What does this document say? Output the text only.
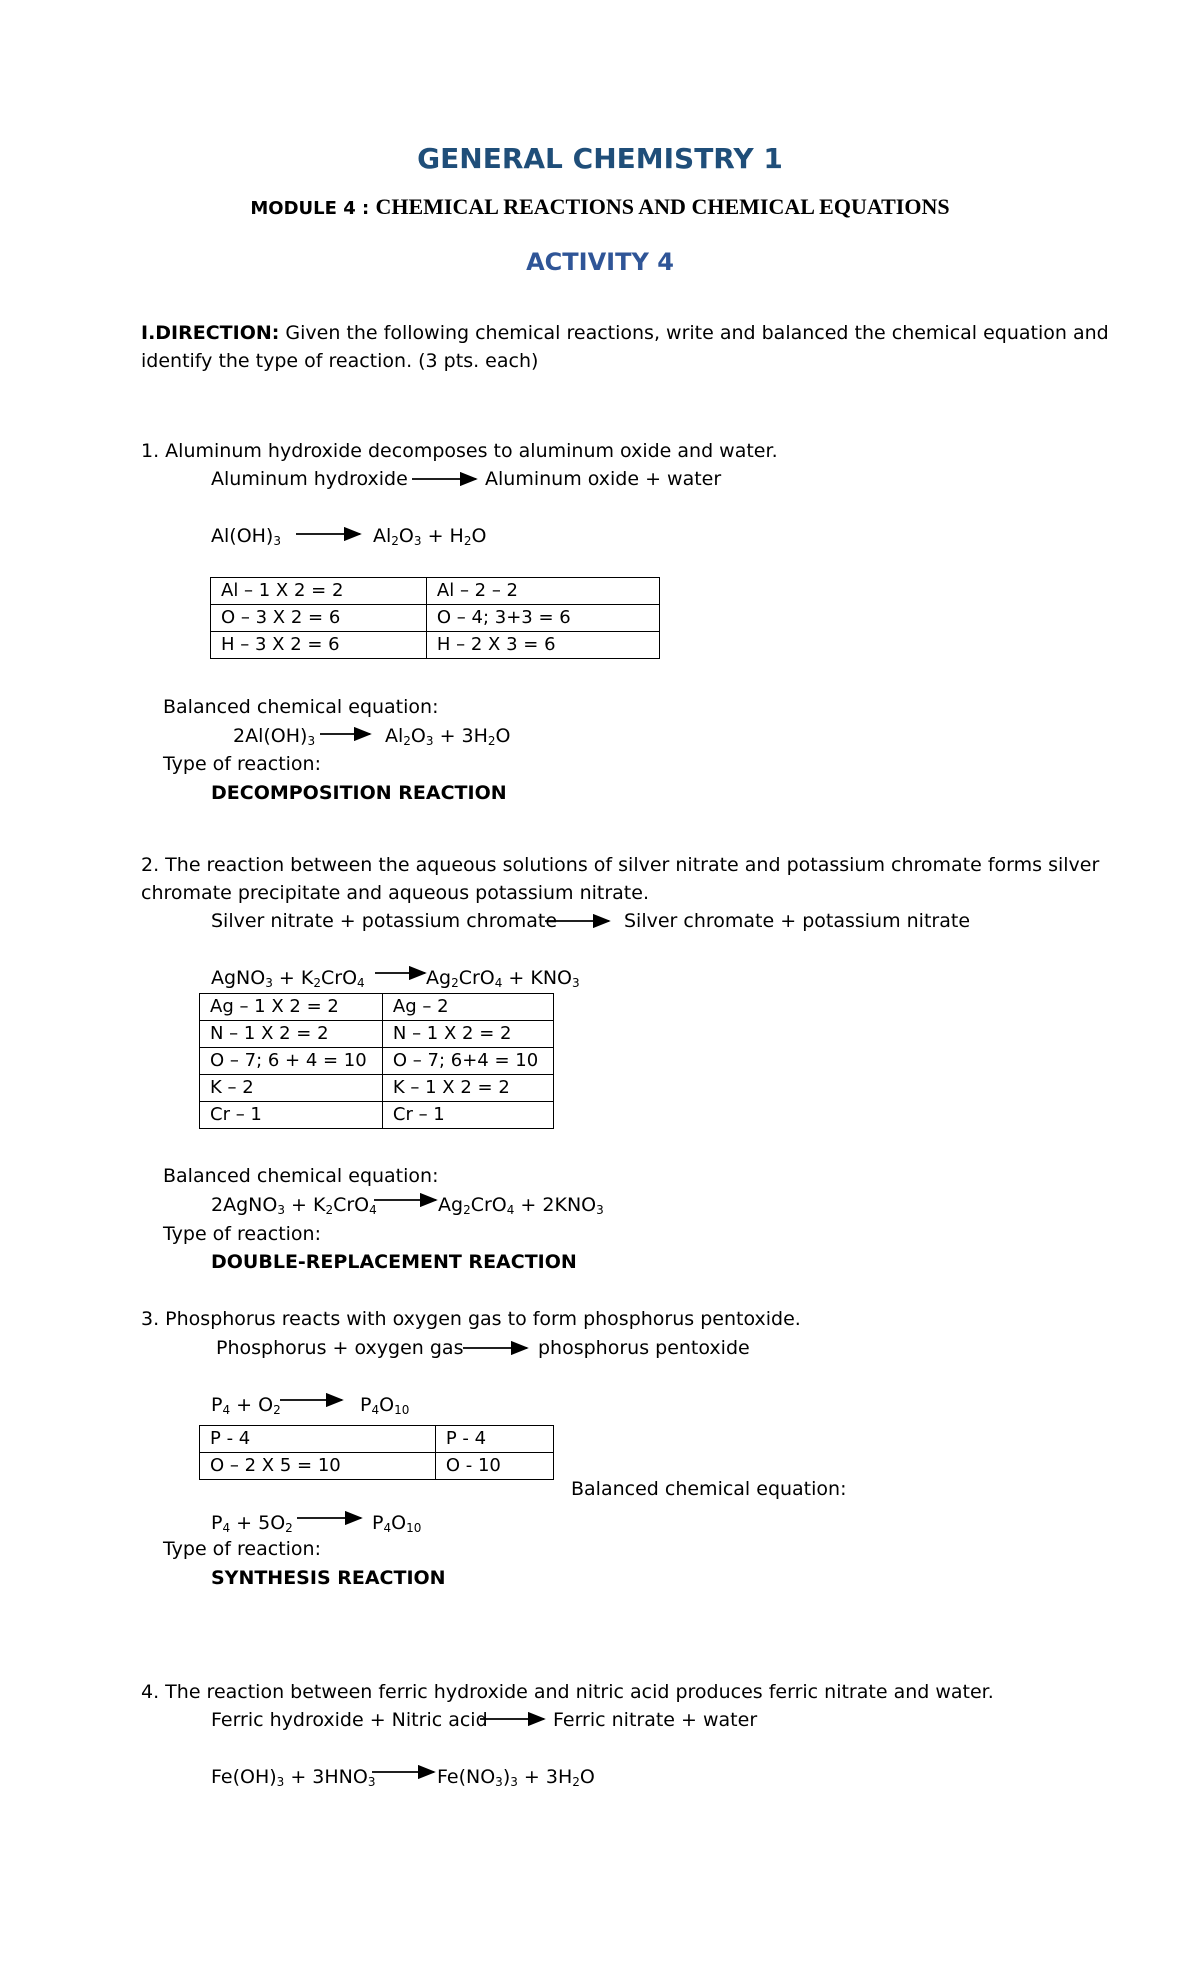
GENERAL CHEMISTRY 1
MODULE 4 : CHEMICAL REACTIONS AND CHEMICAL EQUATIONS
ACTIVITY 4
I.DIRECTION: Given the following chemical reactions, write and balanced the chemical equation and
identify the type of reaction. (3 pts. each)
1. Aluminum hydroxide decomposes to aluminum oxide and water.
Aluminum hydroxide	Aluminum oxide + water
$Al(OH)_3$	$Al_2O_3 + H_2O$
Al – 1 X 2 = 2	Al – 2 – 2
O – 3 X 2 = 6	O – 4; 3+3 = 6
H – 3 X 2 = 6	H – 2 X 3 = 6
Balanced chemical equation:
$2Al(OH)_3$	$Al_2O_3 + 3H_2O$
Type of reaction:
DECOMPOSITION REACTION
2. The reaction between the aqueous solutions of silver nitrate and potassium chromate forms silver
chromate precipitate and aqueous potassium nitrate.
Silver nitrate + potassium chromate	Silver chromate + potassium nitrate
AgNO$_3$ + $K_2CrO_4$	$Ag_2CrO_4 + KNO_3$
Ag – 1 X 2 = 2	Ag – 2
N – 1 X 2 = 2	N – 1 X 2 = 2
O – 7; 6 + 4 = 10	O – 7; 6+4 = 10
K – 2	K – 1 X 2 = 2
Cr – 1	Cr – 1
Balanced chemical equation:
2AgNO$_3$ + $K_2CrO_4$	$Ag_2CrO_4 + 2KNO_3$
Type of reaction:
DOUBLE-REPLACEMENT REACTION
3. Phosphorus reacts with oxygen gas to form phosphorus pentoxide.
Phosphorus + oxygen gas	phosphorus pentoxide
$P_4 + O_2$	$P_4O_{10}$
P - 4	P - 4
O – 2 X 5 = 10	O - 10
Balanced chemical equation:
$P_4 + 5O_2$	$P_4O_{10}$
Type of reaction:
SYNTHESIS REACTION
4. The reaction between ferric hydroxide and nitric acid produces ferric nitrate and water.
Ferric hydroxide + Nitric acid	Ferric nitrate + water
$Fe(OH)_3 + 3HNO_3$	$Fe(NO_3)_3 + 3H_2O$
